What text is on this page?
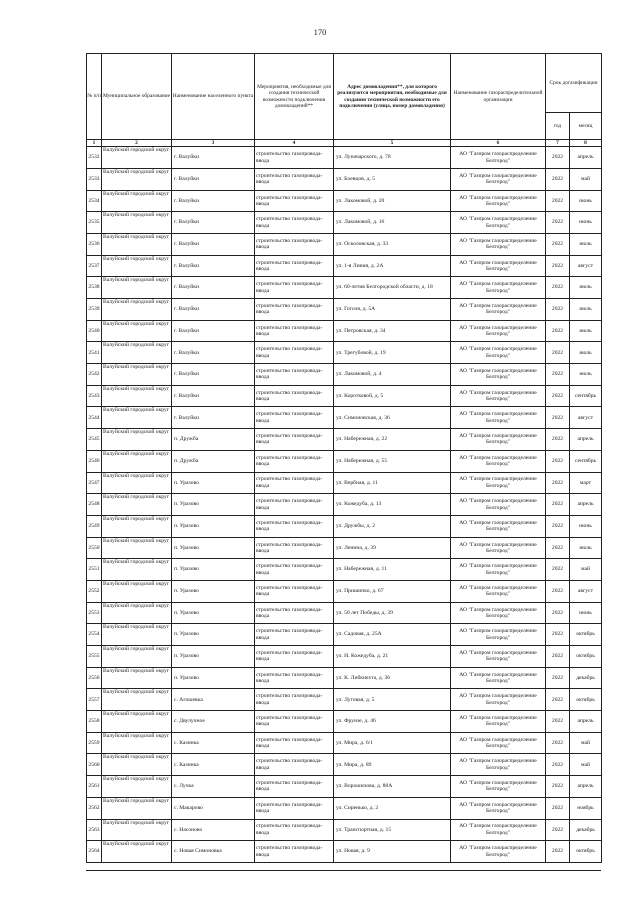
170
№ п/п	Муниципальное образование	Наименование населенного пункта	Мероприятия, необходимые для создания технической возможности подключения домовладений**	Адрес домовладения**, для которого реализуются мероприятия, необходимые для создания технической возможности его подключения (улица, номер домовладения)	Наименование газораспределительной организации	Срок догазификации	
						год	месяц
1	2	3	4	5	6	7	8
2532	Валуйский городской округ	г. Валуйки	строительство газопровода-ввода	ул. Луначарского, д. 78	АО "Газпром газораспределение Белгород"	2022	апрель
2533	Валуйский городской округ	г. Валуйки	строительство газопровода-ввода	ул. Боевцов, д. 5	АО "Газпром газораспределение Белгород"	2022	май
2534	Валуйский городской округ	г. Валуйки	строительство газопровода-ввода	ул. Лакомовой, д. 20	АО "Газпром газораспределение Белгород"	2022	июнь
2535	Валуйский городской округ	г. Валуйки	строительство газопровода-ввода	ул. Лакомовой, д. 16	АО "Газпром газораспределение Белгород"	2022	июнь
2536	Валуйский городской округ	г. Валуйки	строительство газопровода-ввода	ул. Осколовская, д. 33	АО "Газпром газораспределение Белгород"	2022	июль
2537	Валуйский городской округ	г. Валуйки	строительство газопровода-ввода	ул. 1-я Линия, д. 2А	АО "Газпром газораспределение Белгород"	2022	август
2538	Валуйский городской округ	г. Валуйки	строительство газопровода-ввода	ул. 60-летия Белгородской области, д. 18	АО "Газпром газораспределение Белгород"	2022	июль
2539	Валуйский городской округ	г. Валуйки	строительство газопровода-ввода	ул. Гоголя, д. 5А	АО "Газпром газораспределение Белгород"	2022	июль
2540	Валуйский городской округ	г. Валуйки	строительство газопровода-ввода	ул. Петровская, д. 34	АО "Газпром газораспределение Белгород"	2022	июль
2541	Валуйский городской округ	г. Валуйки	строительство газопровода-ввода	ул. Трегубовой, д. 19	АО "Газпром газораспределение Белгород"	2022	июль
2542	Валуйский городской округ	г. Валуйки	строительство газопровода-ввода	ул. Лакомовой, д. 4	АО "Газпром газораспределение Белгород"	2022	июль
2543	Валуйский городской округ	г. Валуйки	строительство газопровода-ввода	ул. Коротковой, д. 5	АО "Газпром газораспределение Белгород"	2022	сентябрь
2544	Валуйский городской округ	г. Валуйки	строительство газопровода-ввода	ул. Симоновская, д. 36	АО "Газпром газораспределение Белгород"	2022	август
2545	Валуйский городской округ	п. Дружба	строительство газопровода-ввода	ул. Набережная, д. 22	АО "Газпром газораспределение Белгород"	2022	апрель
2546	Валуйский городской округ	п. Дружба	строительство газопровода-ввода	ул. Набережная, д. 55	АО "Газпром газораспределение Белгород"	2022	сентябрь
2547	Валуйский городской округ	п. Уразово	строительство газопровода-ввода	ул. Вербная, д. 11	АО "Газпром газораспределение Белгород"	2022	март
2548	Валуйский городской округ	п. Уразово	строительство газопровода-ввода	ул. Кожедуба, д. 13	АО "Газпром газораспределение Белгород"	2022	апрель
2549	Валуйский городской округ	п. Уразово	строительство газопровода-ввода	ул. Дружбы, д. 2	АО "Газпром газораспределение Белгород"	2022	июнь
2550	Валуйский городской округ	п. Уразово	строительство газопровода-ввода	ул. Ленина, д. 39	АО "Газпром газораспределение Белгород"	2022	июль
2551	Валуйский городской округ	п. Уразово	строительство газопровода-ввода	ул. Набережная, д. 11	АО "Газпром газораспределение Белгород"	2022	май
2552	Валуйский городской округ	п. Уразово	строительство газопровода-ввода	ул. Пришипко, д. 67	АО "Газпром газораспределение Белгород"	2022	август
2553	Валуйский городской округ	п. Уразово	строительство газопровода-ввода	ул. 50 лет Победы, д. 39	АО "Газпром газораспределение Белгород"	2022	июнь
2554	Валуйский городской округ	п. Уразово	строительство газопровода-ввода	ул. Садовая, д. 25А	АО "Газпром газораспределение Белгород"	2022	октябрь
2555	Валуйский городской округ	п. Уразово	строительство газопровода-ввода	ул. И. Кожедуба, д. 21	АО "Газпром газораспределение Белгород"	2022	октябрь
2556	Валуйский городской округ	п. Уразово	строительство газопровода-ввода	ул. К. Либкнехта, д. 36	АО "Газпром газораспределение Белгород"	2022	декабрь
2557	Валуйский городской округ	с. Агошевка	строительство газопровода-ввода	ул. Луговая, д. 5	АО "Газпром газораспределение Белгород"	2022	октябрь
2558	Валуйский городской округ	с. Двулучное	строительство газопровода-ввода	ул. Фрунзе, д. 46	АО "Газпром газораспределение Белгород"	2022	апрель
2559	Валуйский городской округ	с. Казинка	строительство газопровода-ввода	ул. Мира, д. 6/1	АО "Газпром газораспределение Белгород"	2022	май
2560	Валуйский городской округ	с. Казинка	строительство газопровода-ввода	ул. Мира, д. 89	АО "Газпром газораспределение Белгород"	2022	май
2561	Валуйский городской округ	с. Лучка	строительство газопровода-ввода	ул. Ворошилова, д. 88А	АО "Газпром газораспределение Белгород"	2022	апрель
2562	Валуйский городской округ	с. Макарово	строительство газопровода-ввода	ул. Сиренько, д. 2	АО "Газпром газораспределение Белгород"	2022	ноябрь
2563	Валуйский городской округ	с. Насоново	строительство газопровода-ввода	ул. Транспортная, д. 15	АО "Газпром газораспределение Белгород"	2022	декабрь
2564	Валуйский городской округ	с. Новая Симоновка	строительство газопровода-ввода	ул. Новая, д. 9	АО "Газпром газораспределение Белгород"	2022	октябрь
